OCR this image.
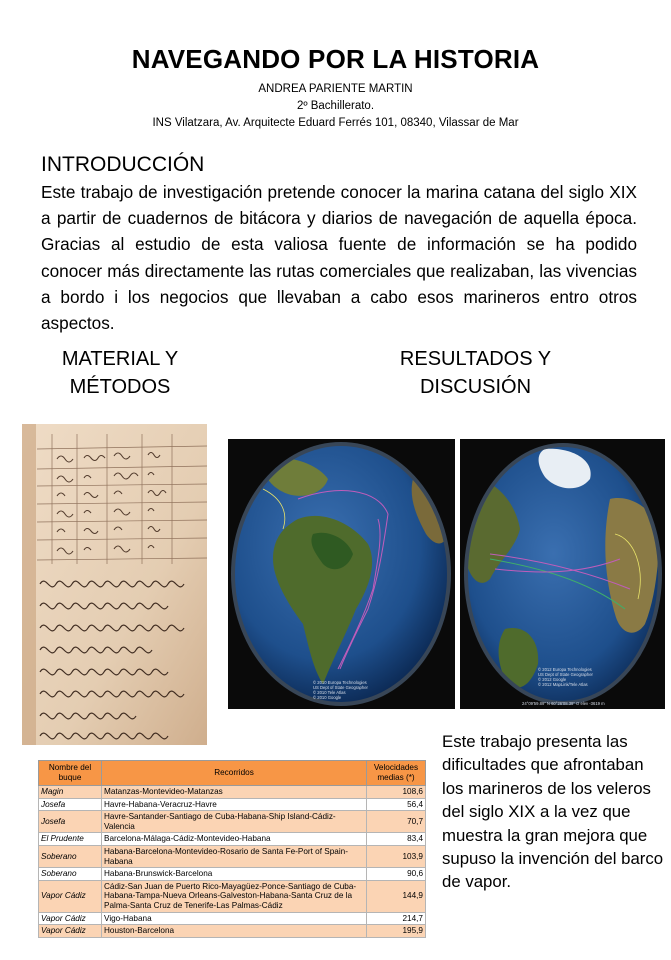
NAVEGANDO POR LA HISTORIA
ANDREA PARIENTE MARTIN
2º Bachillerato.
INS Vilatzara, Av. Arquitecte Eduard Ferrés 101, 08340, Vilassar de Mar
INTRODUCCIÓN
Este trabajo de investigación pretende conocer la marina catana del siglo XIX a partir de cuadernos de bitácora y diarios de navegación de aquella época. Gracias al estudio de esta valiosa fuente de información se ha podido conocer más directamente las rutas comerciales que realizaban, las vivencias a bordo i los negocios que llevaban a cabo esos marineros entro otros aspectos.
MATERIAL Y
MÉTODOS
RESULTADOS Y
DISCUSIÓN
© 2010 Europa Technologies
US Dept of State Geographer
© 2010 Tele Atlas
© 2010 Google
© 2012 Europa Technologies
US Dept of State Geographer
© 2012 Google
© 2012 MapLink/Tele Atlas
24°09'59.89" N 60°26'08.39" O elev -3619 m
Este trabajo presenta las dificultades que afrontaban los marineros de los veleros del siglo XIX a la vez que muestra la gran mejora que supuso la invención del barco de vapor.
Nombre del buque	Recorridos	Velocidades medias (*)
Magin	Matanzas-Montevideo-Matanzas	108,6
Josefa	Havre-Habana-Veracruz-Havre	56,4
Josefa	Havre-Santander-Santiago de Cuba-Habana-Ship Island-Cádiz-Valencia	70,7
El Prudente	Barcelona-Málaga-Cádiz-Montevideo-Habana	83,4
Soberano	Habana-Barcelona-Montevideo-Rosario de Santa Fe-Port of Spain-Habana	103,9
Soberano	Habana-Brunswick-Barcelona	90,6
Vapor Cádiz	Cádiz-San Juan de Puerto Rico-Mayagüez-Ponce-Santiago de Cuba-Habana-Tampa-Nueva Orleans-Galveston-Habana-Santa Cruz de la Palma-Santa Cruz de Tenerife-Las Palmas-Cádiz	144,9
Vapor Cádiz	Vigo-Habana	214,7
Vapor Cádiz	Houston-Barcelona	195,9
